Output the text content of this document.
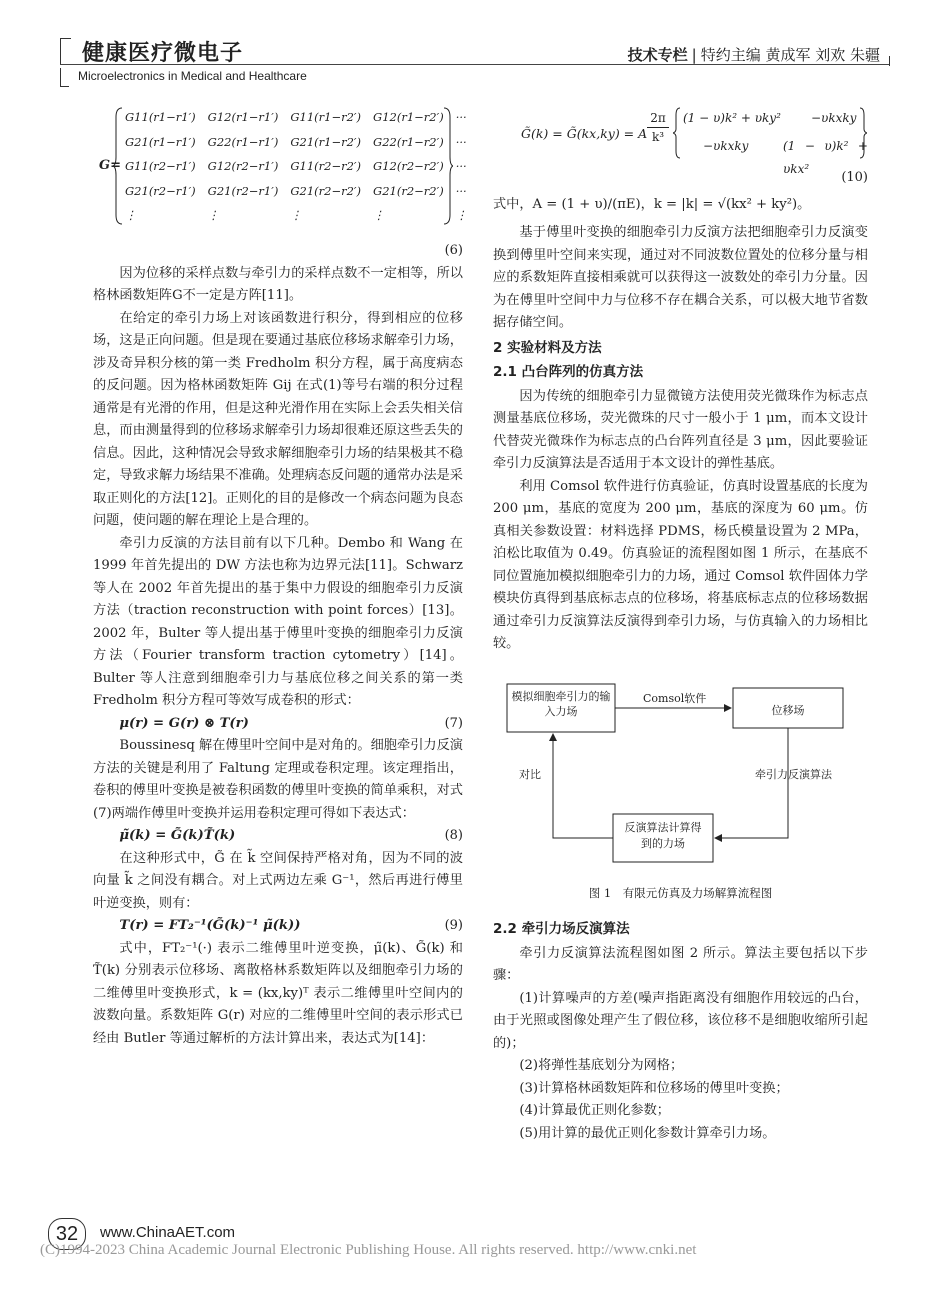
健康医疗微电子
Microelectronics in Medical and Healthcare
技术专栏 | 特约主编 黄成军 刘欢 朱疆
G=
G11(r1−r1′)	G12(r1−r1′)	G11(r1−r2′)	G12(r1−r2′)	···
G21(r1−r1′)	G22(r1−r1′)	G21(r1−r2′)	G22(r1−r2′)	···
G11(r2−r1′)	G12(r2−r1′)	G11(r2−r2′)	G12(r2−r2′)	···
G21(r2−r1′)	G21(r2−r1′)	G21(r2−r2′)	G21(r2−r2′)	···
⋮	⋮	⋮	⋮	⋮
(6)

因为位移的采样点数与牵引力的采样点数不一定相等，所以格林函数矩阵G不一定是方阵[11]。

在给定的牵引力场上对该函数进行积分，得到相应的位移场，这是正向问题。但是现在要通过基底位移场求解牵引力场，涉及奇异积分核的第一类 Fredholm 积分方程，属于高度病态的反问题。因为格林函数矩阵 Gij 在式(1)等号右端的积分过程通常是有光滑的作用，但是这种光滑作用在实际上会丢失相关信息，而由测量得到的位移场求解牵引力场却很难还原这些丢失的信息。因此，这种情况会导致求解细胞牵引力场的结果极其不稳定，导致求解力场结果不准确。处理病态反问题的通常办法是采取正则化的方法[12]。正则化的目的是修改一个病态问题为良态问题，使问题的解在理论上是合理的。

牵引力反演的方法目前有以下几种。Dembo 和 Wang 在 1999 年首先提出的 DW 方法也称为边界元法[11]。Schwarz 等人在 2002 年首先提出的基于集中力假设的细胞牵引力反演方法（traction reconstruction with point forces）[13]。2002 年，Bulter 等人提出基于傅里叶变换的细胞牵引力反演方法（Fourier transform traction cytometry）[14]。Bulter 等人注意到细胞牵引力与基底位移之间关系的第一类 Fredholm 积分方程可等效写成卷积的形式：

μ(r) = G(r) ⊗ T(r)	(7)

Boussinesq 解在傅里叶空间中是对角的。细胞牵引力反演方法的关键是利用了 Faltung 定理或卷积定理。该定理指出，卷积的傅里叶变换是被卷积函数的傅里叶变换的简单乘积，对式(7)两端作傅里叶变换并运用卷积定理可得如下表达式：

μ̃(k) = G̃(k)T̃(k)	(8)

在这种形式中，G̃ 在 k̃ 空间保持严格对角，因为不同的波向量 k̃ 之间没有耦合。对上式两边左乘 G⁻¹，然后再进行傅里叶逆变换，则有：

T(r) = FT₂⁻¹(G̃(k)⁻¹ μ̃(k))	(9)

式中，FT₂⁻¹(·) 表示二维傅里叶逆变换，μ̃(k)、G̃(k) 和 T̃(k) 分别表示位移场、离散格林系数矩阵以及细胞牵引力场的二维傅里叶变换形式，k = (kx,ky)ᵀ 表示二维傅里叶空间内的波数向量。系数矩阵 G(r) 对应的二维傅里叶空间的表示形式已经由 Butler 等通过解析的方法计算出来，表达式为[14]：

G̃(k) = G̃(kx,ky) = A $\frac{2\pi}{\text{k³}} (1 - \upsilon)k^2 + \upsilon ky^2$	−υkxky
−υkxky	(1 − υ)k² + υkx²
(10)

式中，A = (1 + υ)/(πE)，k = |k| = √(kx² + ky²)。

基于傅里叶变换的细胞牵引力反演方法把细胞牵引力反演变换到傅里叶空间来实现，通过对不同波数位置处的位移分量与相应的系数矩阵直接相乘就可以获得这一波数处的牵引力分量。因为在傅里叶空间中力与位移不存在耦合关系，可以极大地节省数据存储空间。

2 实验材料及方法
2.1 凸台阵列的仿真方法

因为传统的细胞牵引力显微镜方法使用荧光微珠作为标志点测量基底位移场，荧光微珠的尺寸一般小于 1 μm，而本文设计代替荧光微珠作为标志点的凸台阵列直径是 3 μm，因此要验证牵引力反演算法是否适用于本文设计的弹性基底。

利用 Comsol 软件进行仿真验证，仿真时设置基底的长度为 200 μm，基底的宽度为 200 μm，基底的深度为 60 μm。仿真相关参数设置：材料选择 PDMS，杨氏模量设置为 2 MPa，泊松比取值为 0.49。仿真验证的流程图如图 1 所示，在基底不同位置施加模拟细胞牵引力的力场，通过 Comsol 软件固体力学模块仿真得到基底标志点的位移场，将基底标志点的位移场数据通过牵引力反演算法反演得到牵引力场，与仿真输入的力场相比较。

模拟细胞牵引力的输入力场	位移场
反演算法计算得到的力场
Comsol软件
牵引力反演算法
对比
图 1　有限元仿真及力场解算流程图
2.2 牵引力场反演算法

牵引力反演算法流程图如图 2 所示。算法主要包括以下步骤：

(1)计算噪声的方差(噪声指距离没有细胞作用较远的凸台，由于光照或图像处理产生了假位移，该位移不是细胞收缩所引起的)；

(2)将弹性基底划分为网格；

(3)计算格林函数矩阵和位移场的傅里叶变换；

(4)计算最优正则化参数；

(5)用计算的最优正则化参数计算牵引力场。

32	www.ChinaAET.com
(C)1994-2023 China Academic Journal Electronic Publishing House. All rights reserved. http://www.cnki.net
